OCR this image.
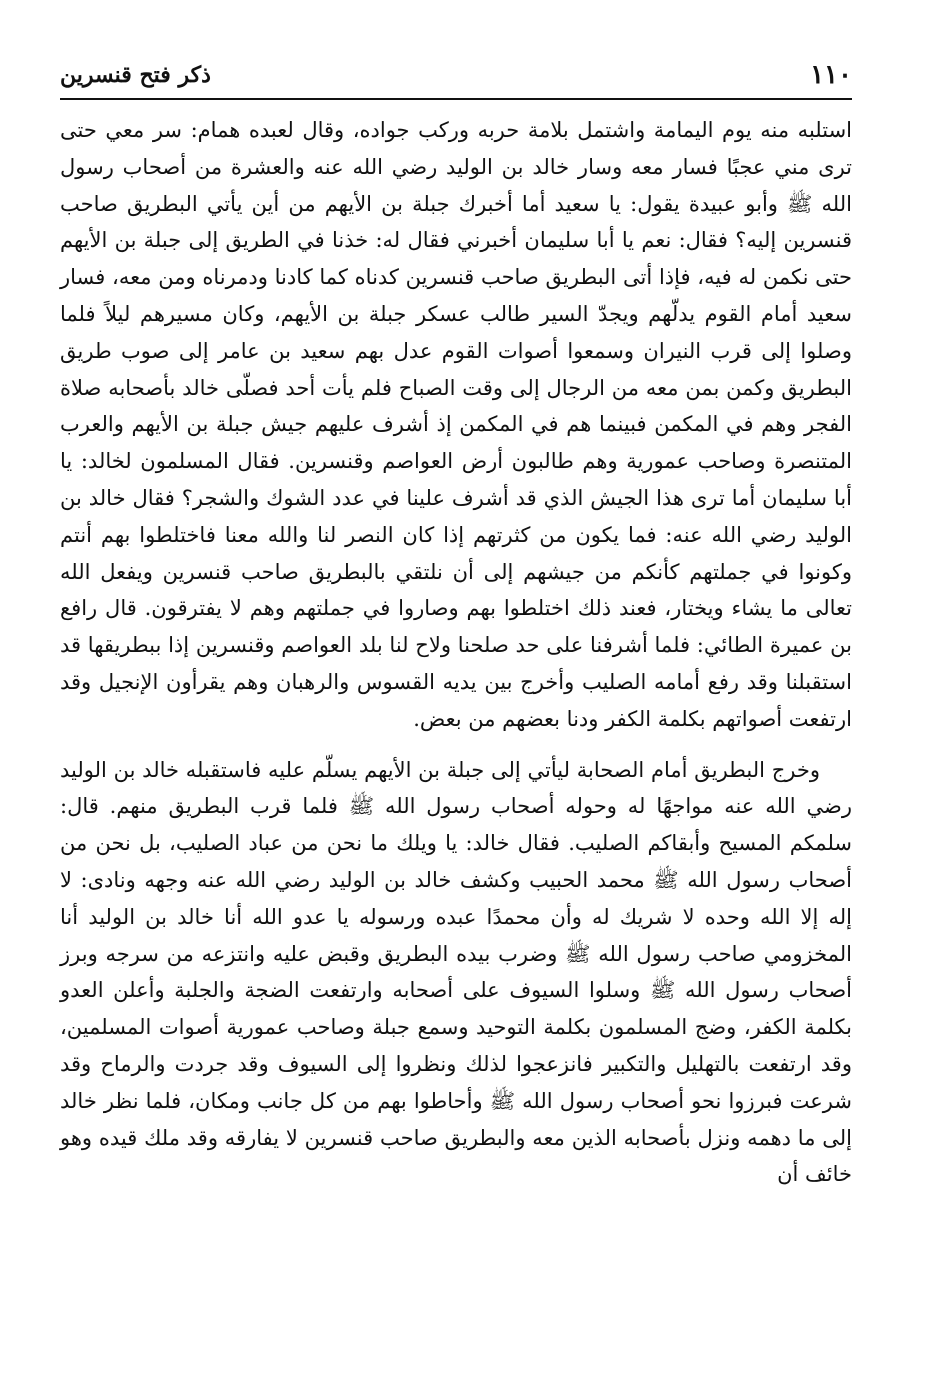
١١٠
ذكر فتح قنسرين

استلبه منه يوم اليمامة واشتمل بلامة حربه وركب جواده، وقال لعبده همام: سر معي حتى ترى مني عجبًا فسار معه وسار خالد بن الوليد رضي الله عنه والعشرة من أصحاب رسول الله ﷺ وأبو عبيدة يقول: يا سعيد أما أخبرك جبلة بن الأيهم من أين يأتي البطريق صاحب قنسرين إليه؟ فقال: نعم يا أبا سليمان أخبرني فقال له: خذنا في الطريق إلى جبلة بن الأيهم حتى نكمن له فيه، فإذا أتى البطريق صاحب قنسرين كدناه كما كادنا ودمرناه ومن معه، فسار سعيد أمام القوم يدلّهم ويجدّ السير طالب عسكر جبلة بن الأيهم، وكان مسيرهم ليلاً فلما وصلوا إلى قرب النيران وسمعوا أصوات القوم عدل بهم سعيد بن عامر إلى صوب طريق البطريق وكمن بمن معه من الرجال إلى وقت الصباح فلم يأت أحد فصلّى خالد بأصحابه صلاة الفجر وهم في المكمن فبينما هم في المكمن إذ أشرف عليهم جيش جبلة بن الأيهم والعرب المتنصرة وصاحب عمورية وهم طالبون أرض العواصم وقنسرين. فقال المسلمون لخالد: يا أبا سليمان أما ترى هذا الجيش الذي قد أشرف علينا في عدد الشوك والشجر؟ فقال خالد بن الوليد رضي الله عنه: فما يكون من كثرتهم إذا كان النصر لنا والله معنا فاختلطوا بهم أنتم وكونوا في جملتهم كأنكم من جيشهم إلى أن نلتقي بالبطريق صاحب قنسرين ويفعل الله تعالى ما يشاء ويختار، فعند ذلك اختلطوا بهم وصاروا في جملتهم وهم لا يفترقون. قال رافع بن عميرة الطائي: فلما أشرفنا على حد صلحنا ولاح لنا بلد العواصم وقنسرين إذا ببطريقها قد استقبلنا وقد رفع أمامه الصليب وأخرج بين يديه القسوس والرهبان وهم يقرأون الإنجيل وقد ارتفعت أصواتهم بكلمة الكفر ودنا بعضهم من بعض.

وخرج البطريق أمام الصحابة ليأتي إلى جبلة بن الأيهم يسلّم عليه فاستقبله خالد بن الوليد رضي الله عنه مواجهًا له وحوله أصحاب رسول الله ﷺ فلما قرب البطريق منهم. قال: سلمكم المسيح وأبقاكم الصليب. فقال خالد: يا ويلك ما نحن من عباد الصليب، بل نحن من أصحاب رسول الله ﷺ محمد الحبيب وكشف خالد بن الوليد رضي الله عنه وجهه ونادى: لا إله إلا الله وحده لا شريك له وأن محمدًا عبده ورسوله يا عدو الله أنا خالد بن الوليد أنا المخزومي صاحب رسول الله ﷺ وضرب بيده البطريق وقبض عليه وانتزعه من سرجه وبرز أصحاب رسول الله ﷺ وسلوا السيوف على أصحابه وارتفعت الضجة والجلبة وأعلن العدو بكلمة الكفر، وضج المسلمون بكلمة التوحيد وسمع جبلة وصاحب عمورية أصوات المسلمين، وقد ارتفعت بالتهليل والتكبير فانزعجوا لذلك ونظروا إلى السيوف وقد جردت والرماح وقد شرعت فبرزوا نحو أصحاب رسول الله ﷺ وأحاطوا بهم من كل جانب ومكان، فلما نظر خالد إلى ما دهمه ونزل بأصحابه الذين معه والبطريق صاحب قنسرين لا يفارقه وقد ملك قيده وهو خائف أن
